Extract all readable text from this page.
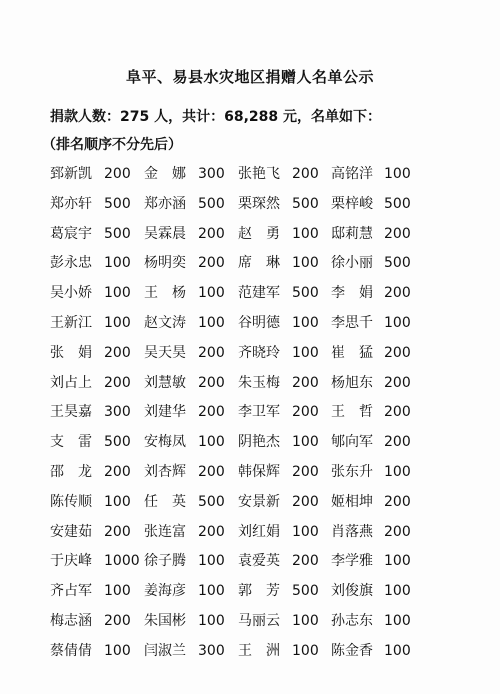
阜平、易县水灾地区捐赠人名单公示
捐款人数：275 人，共计：68,288 元，名单如下：
（排名顺序不分先后）
郅新凯 200 金　娜 300 张艳飞 200 高铭洋 100
郑亦轩 500 郑亦涵 500 栗琛然 500 栗梓峻 500
葛宸宇 500 吴霖晨 200 赵　勇 100 邸莉慧 200
彭永忠 100 杨明奕 200 席　琳 100 徐小丽 500
吴小娇 100 王　杨 100 范建军 500 李　娟 200
王新江 100 赵文涛 100 谷明德 100 李思千 100
张　娟 200 吴天昊 200 齐晓玲 100 崔　猛 200
刘占上 200 刘慧敏 200 朱玉梅 200 杨旭东 200
王昊嘉 300 刘建华 200 李卫军 200 王　哲 200
支　雷 500 安梅凤 100 阴艳杰 100 郇向军 200
邵　龙 200 刘杏辉 200 韩保辉 200 张东升 100
陈传顺 100 任　英 500 安景新 200 姬相坤 200
安建茹 200 张连富 200 刘红娟 100 肖落燕 200
于庆峰 1000 徐子腾 100 袁爱英 200 李学雅 100
齐占军 100 姜海彦 100 郭　芳 500 刘俊旗 100
梅志涵 200 朱国彬 100 马丽云 100 孙志东 100
蔡倩倩 100 闫淑兰 300 王　洲 100 陈金香 100
